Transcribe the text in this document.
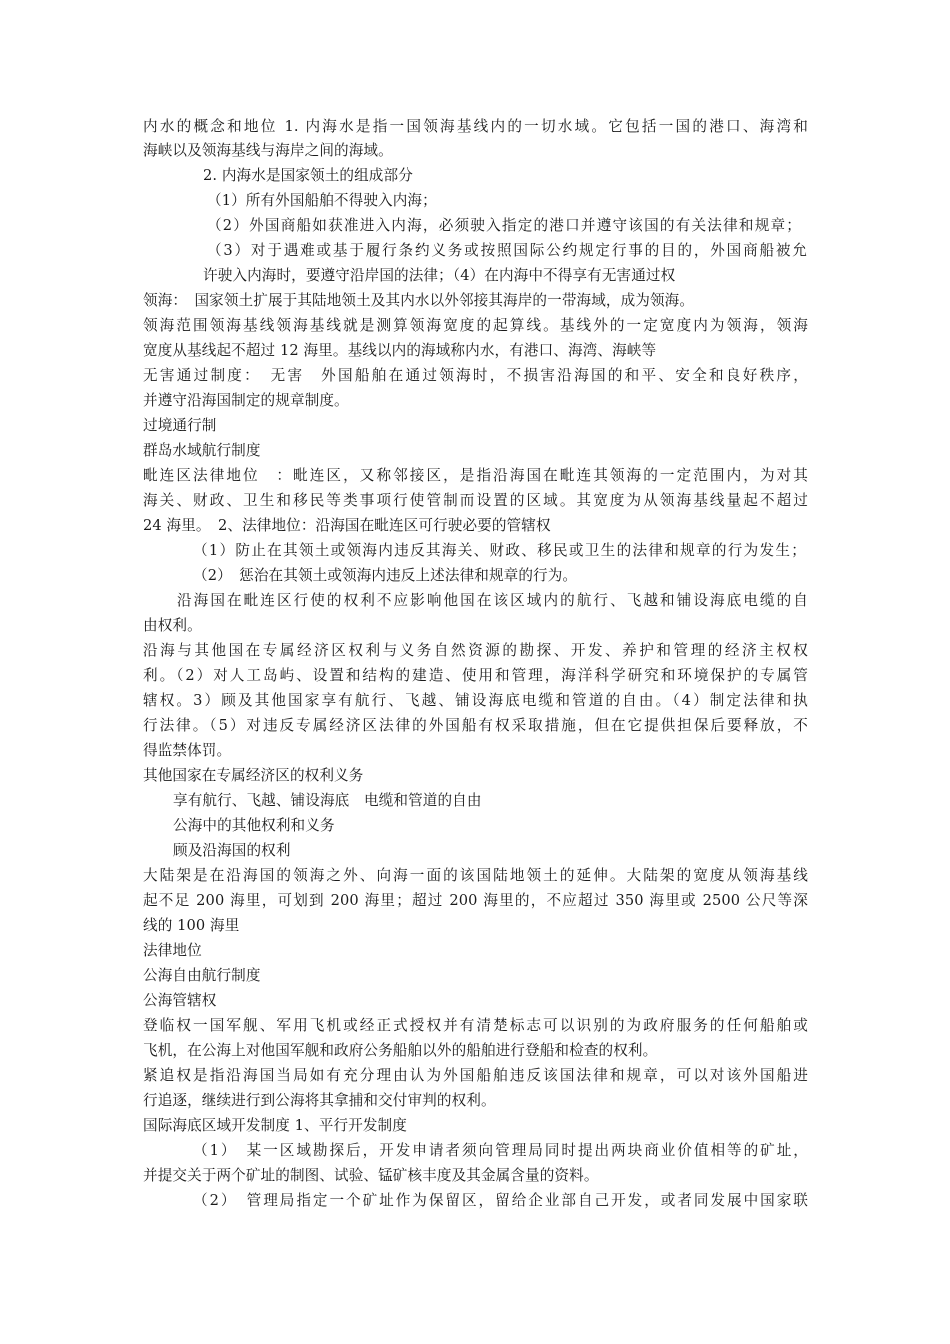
内水的概念和地位 1. 内海水是指一国领海基线内的一切水域。它包括一国的港口、海湾和
海峡以及领海基线与海岸之间的海域。
2. 内海水是国家领土的组成部分
（1）所有外国船舶不得驶入内海；
（2）外国商船如获准进入内海，必须驶入指定的港口并遵守该国的有关法律和规章；
（3）对于遇难或基于履行条约义务或按照国际公约规定行事的目的，外国商船被允
许驶入内海时，要遵守沿岸国的法律；（4）在内海中不得享有无害通过权
领海：　国家领土扩展于其陆地领土及其内水以外邻接其海岸的一带海域，成为领海。
领海范围领海基线领海基线就是测算领海宽度的起算线。基线外的一定宽度内为领海，领海
宽度从基线起不超过 12 海里。基线以内的海域称内水，有港口、海湾、海峡等
无害通过制度：　无害　外国船舶在通过领海时，不损害沿海国的和平、安全和良好秩序，
并遵守沿海国制定的规章制度。
过境通行制
群岛水域航行制度
毗连区法律地位　：毗连区，又称邻接区，是指沿海国在毗连其领海的一定范围内，为对其
海关、财政、卫生和移民等类事项行使管制而设置的区域。其宽度为从领海基线量起不超过
24 海里。　2、法律地位：沿海国在毗连区可行驶必要的管辖权
（1）防止在其领土或领海内违反其海关、财政、移民或卫生的法律和规章的行为发生；
（2）　惩治在其领土或领海内违反上述法律和规章的行为。
沿海国在毗连区行使的权利不应影响他国在该区域内的航行、飞越和铺设海底电缆的自
由权利。
沿海与其他国在专属经济区权利与义务自然资源的勘探、开发、养护和管理的经济主权权
利。（2）对人工岛屿、设置和结构的建造、使用和管理，海洋科学研究和环境保护的专属管
辖权。3）顾及其他国家享有航行、飞越、铺设海底电缆和管道的自由。（4）制定法律和执
行法律。（5）对违反专属经济区法律的外国船有权采取措施，但在它提供担保后要释放，不
得监禁体罚。
其他国家在专属经济区的权利义务
享有航行、飞越、铺设海底　电缆和管道的自由
公海中的其他权利和义务
顾及沿海国的权利
大陆架是在沿海国的领海之外、向海一面的该国陆地领土的延伸。大陆架的宽度从领海基线
起不足 200 海里，可划到 200 海里；超过 200 海里的，不应超过 350 海里或 2500 公尺等深
线的 100 海里
法律地位
公海自由航行制度
公海管辖权
登临权一国军舰、军用飞机或经正式授权并有清楚标志可以识别的为政府服务的任何船舶或
飞机，在公海上对他国军舰和政府公务船舶以外的船舶进行登船和检查的权利。
紧追权是指沿海国当局如有充分理由认为外国船舶违反该国法律和规章，可以对该外国船进
行追逐，继续进行到公海将其拿捕和交付审判的权利。
国际海底区域开发制度 1、平行开发制度
（1）　某一区域勘探后，开发申请者须向管理局同时提出两块商业价值相等的矿址，
并提交关于两个矿址的制图、试验、锰矿核丰度及其金属含量的资料。
（2）　管理局指定一个矿址作为保留区，留给企业部自己开发，或者同发展中国家联
